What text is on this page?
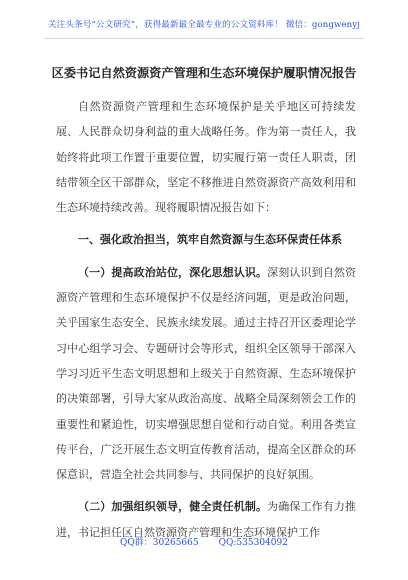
关注头条号“公文研究”，获得最新最全最专业的公文资料库！ 微信：gongwenyj
区委书记自然资源资产管理和生态环境保护履职情况报告

自然资源资产管理和生态环境保护是关乎地区可持续发展、人民群众切身利益的重大战略任务。作为第一责任人，我始终将此项工作置于重要位置，切实履行第一责任人职责，团结带领全区干部群众，坚定不移推进自然资源资产高效利用和生态环境持续改善。现将履职情况报告如下：

一、强化政治担当，筑牢自然资源与生态环保责任体系

（一）提高政治站位，深化思想认识。深刻认识到自然资源资产管理和生态环境保护不仅是经济问题，更是政治问题，关乎国家生态安全、民族永续发展。通过主持召开区委理论学习中心组学习会、专题研讨会等形式，组织全区领导干部深入学习习近平生态文明思想和上级关于自然资源、生态环境保护的决策部署，引导大家从政治高度、战略全局深刻领会工作的重要性和紧迫性，切实增强思想自觉和行动自觉。利用各类宣传平台，广泛开展生态文明宣传教育活动，提高全区群众的环保意识，营造全社会共同参与、共同保护的良好氛围。

（二）加强组织领导，健全责任机制。为确保工作有力推进，书记担任区自然资源资产管理和生态环境保护工作

QQ群：30265665 QQ:535304092
